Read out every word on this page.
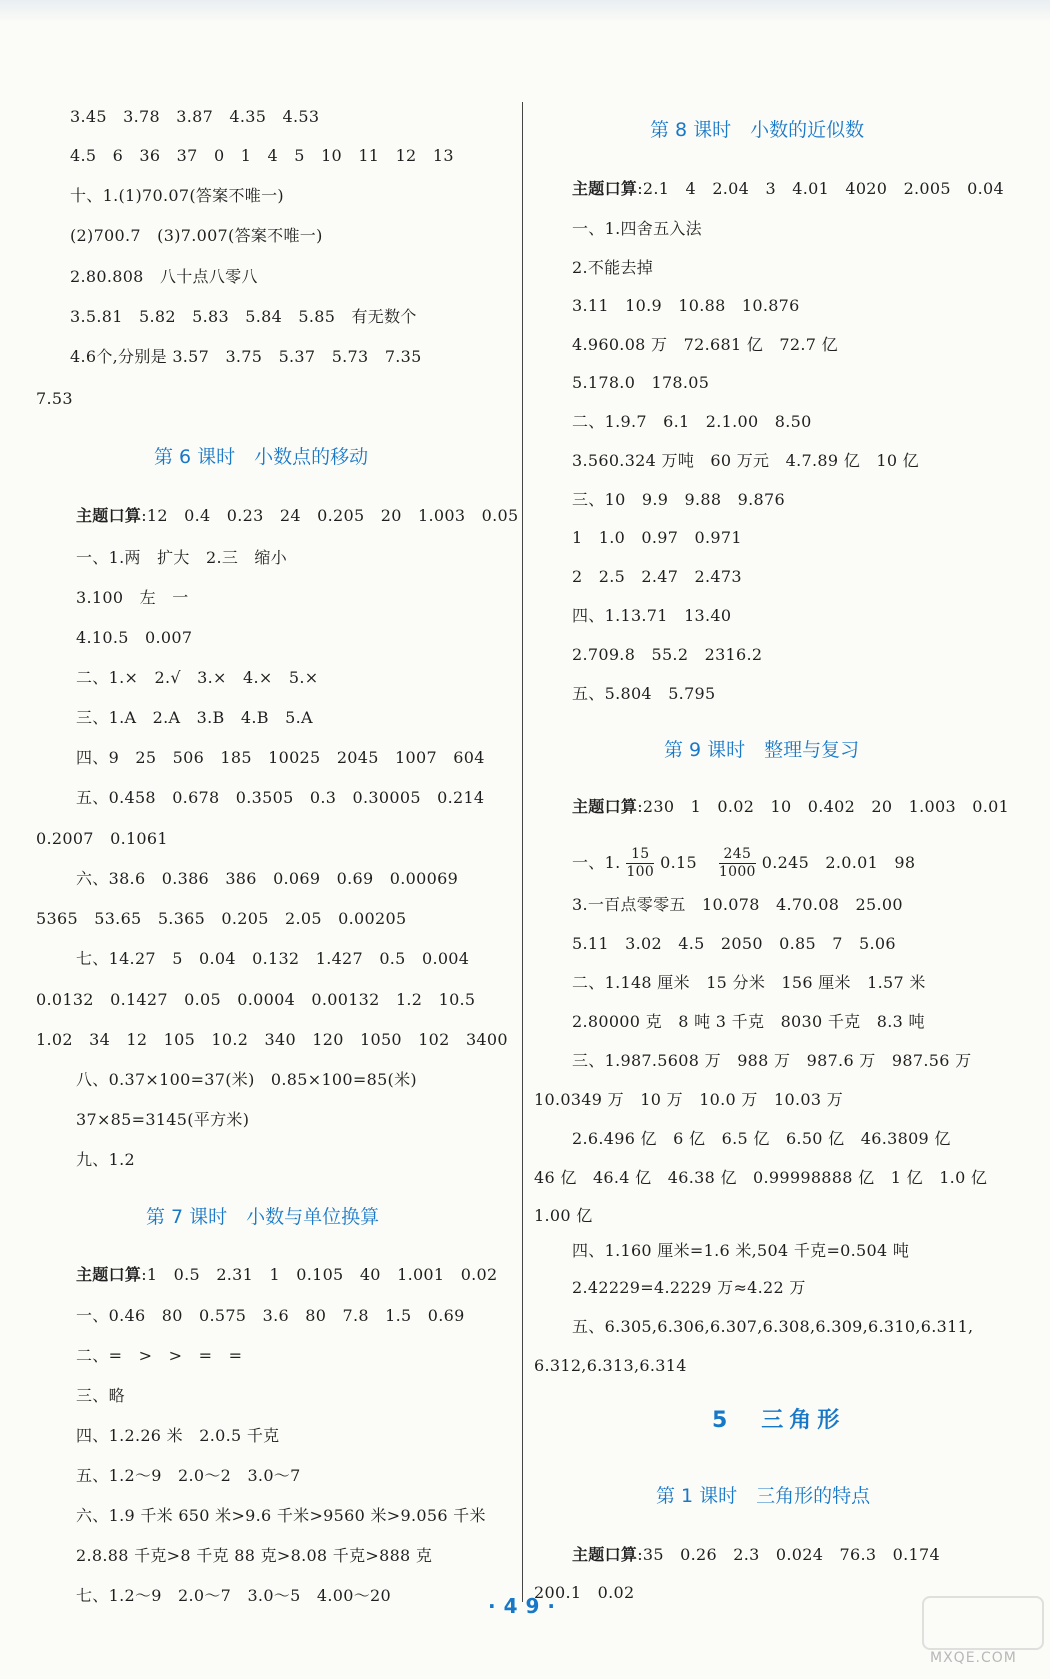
3.45　3.78　3.87　4.35　4.53
4.5　6　36　37　0　1　4　5　10　11　12　13
十、1.(1)70.07(答案不唯一)
(2)700.7　(3)7.007(答案不唯一)
2.80.808　八十点八零八
3.5.81　5.82　5.83　5.84　5.85　有无数个
4.6个,分别是 3.57　3.75　5.37　5.73　7.35
7.53
第 6 课时　小数点的移动
主题口算:12　0.4　0.23　24　0.205　20　1.003　0.05
一、1.两　扩大　2.三　缩小
3.100　左　一
4.10.5　0.007
二、1.×　2.√　3.×　4.×　5.×
三、1.A　2.A　3.B　4.B　5.A
四、9　25　506　185　10025　2045　1007　604
五、0.458　0.678　0.3505　0.3　0.30005　0.214
0.2007　0.1061
六、38.6　0.386　386　0.069　0.69　0.00069
5365　53.65　5.365　0.205　2.05　0.00205
七、14.27　5　0.04　0.132　1.427　0.5　0.004
0.0132　0.1427　0.05　0.0004　0.00132　1.2　10.5
1.02　34　12　105　10.2　340　120　1050　102　3400
八、0.37×100=37(米)　0.85×100=85(米)
37×85=3145(平方米)
九、1.2
第 7 课时　小数与单位换算
主题口算:1　0.5　2.31　1　0.105　40　1.001　0.02
一、0.46　80　0.575　3.6　80　7.8　1.5　0.69
二、=　>　>　=　=
三、略
四、1.2.26 米　2.0.5 千克
五、1.2～9　2.0～2　3.0～7
六、1.9 千米 650 米>9.6 千米>9560 米>9.056 千米
2.8.88 千克>8 千克 88 克>8.08 千克>888 克
七、1.2～9　2.0～7　3.0～5　4.00～20
第 8 课时　小数的近似数
主题口算:2.1　4　2.04　3　4.01　4020　2.005　0.04
一、1.四舍五入法
2.不能去掉
3.11　10.9　10.88　10.876
4.960.08 万　72.681 亿　72.7 亿
5.178.0　178.05
二、1.9.7　6.1　2.1.00　8.50
3.560.324 万吨　60 万元　4.7.89 亿　10 亿
三、10　9.9　9.88　9.876
1　1.0　0.97　0.971
2　2.5　2.47　2.473
四、1.13.71　13.40
2.709.8　55.2　2316.2
五、5.804　5.795
第 9 课时　整理与复习
主题口算:230　1　0.02　10　0.402　20　1.003　0.01
一、1. $\frac{15}{100} 0.15 \frac{245}{1000} 0.245$　2.0.01　98
3.一百点零零五　10.078　4.70.08　25.00
5.11　3.02　4.5　2050　0.85　7　5.06
二、1.148 厘米　15 分米　156 厘米　1.57 米
2.80000 克　8 吨 3 千克　8030 千克　8.3 吨
三、1.987.5608 万　988 万　987.6 万　987.56 万
10.0349 万　10 万　10.0 万　10.03 万
2.6.496 亿　6 亿　6.5 亿　6.50 亿　46.3809 亿
46 亿　46.4 亿　46.38 亿　0.99998888 亿　1 亿　1.0 亿
1.00 亿
四、1.160 厘米=1.6 米,504 千克=0.504 吨
2.42229=4.2229 万≈4.22 万
五、6.305,6.306,6.307,6.308,6.309,6.310,6.311,
6.312,6.313,6.314
5　三角形
第 1 课时　三角形的特点
主题口算:35　0.26　2.3　0.024　76.3　0.174
200.1　0.02
·49·
MXQE.COM
